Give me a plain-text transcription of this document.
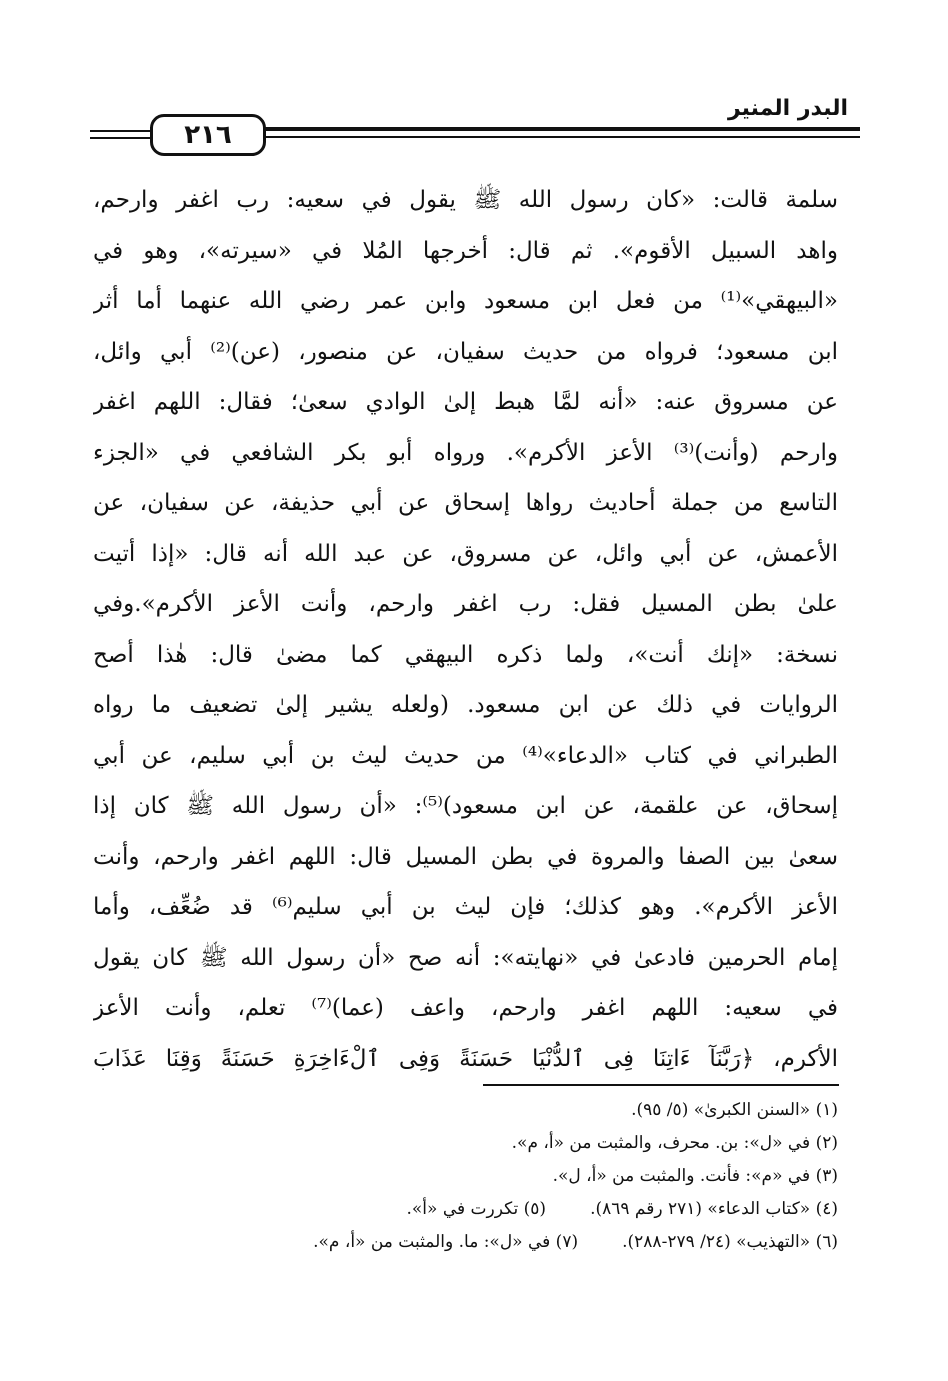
٢١٦
البدر المنير
سلمة قالت: «كان رسول الله ﷺ يقول في سعيه: رب اغفر وارحم،
واهد السبيل الأقوم». ثم قال: أخرجها المُلا في «سيرته»، وهو في
«البيهقي»⁽¹⁾ من فعل ابن مسعود وابن عمر رضي الله عنهما أما أثر
ابن مسعود؛ فرواه من حديث سفيان، عن منصور، (عن)⁽²⁾ أبي وائل،
عن مسروق عنه: «أنه لمَّا هبط إلىٰ الوادي سعىٰ؛ فقال: اللهم اغفر
وارحم (وأنت)⁽³⁾ الأعز الأكرم». ورواه أبو بكر الشافعي في «الجزء
التاسع من جملة أحاديث رواها إسحاق عن أبي حذيفة، عن سفيان، عن
الأعمش، عن أبي وائل، عن مسروق، عن عبد الله أنه قال: «إذا أتيت
علىٰ بطن المسيل فقل: رب اغفر وارحم، وأنت الأعز الأكرم».وفي
نسخة: «إنك أنت»، ولما ذكره البيهقي كما مضىٰ قال: هٰذا أصح
الروايات في ذلك عن ابن مسعود. (ولعله يشير إلىٰ تضعيف ما رواه
الطبراني في كتاب «الدعاء»⁽⁴⁾ من حديث ليث بن أبي سليم، عن أبي
إسحاق، عن علقمة، عن ابن مسعود)⁽⁵⁾: «أن رسول الله ﷺ كان إذا
سعىٰ بين الصفا والمروة في بطن المسيل قال: اللهم اغفر وارحم، وأنت
الأعز الأكرم». وهو كذلك؛ فإن ليث بن أبي سليم⁽⁶⁾ قد ضُعِّف، وأما
إمام الحرمين فادعىٰ في «نهايته»: أنه صح «أن رسول الله ﷺ كان يقول
في سعيه: اللهم اغفر وارحم، واعف (عما)⁽⁷⁾ تعلم، وأنت الأعز
الأكرم، ﴿رَبَّنَآ ءَاتِنَا فِى ٱلدُّنْيَا حَسَنَةً وَفِى ٱلْءَاخِرَةِ حَسَنَةً وَقِنَا عَذَابَ
(١) «السنن الكبرىٰ» (٥/ ٩٥).
(٢) في «ل»: بن. محرف، والمثبت من «أ، م».
(٣) في «م»: فأنت. والمثبت من «أ، ل».
(٤) «كتاب الدعاء» (٢٧١ رقم ٨٦٩).
(٥) تكررت في «أ».
(٦) «التهذيب» (٢٤/ ٢٧٩-٢٨٨).
(٧) في «ل»: ما. والمثبت من «أ، م».
